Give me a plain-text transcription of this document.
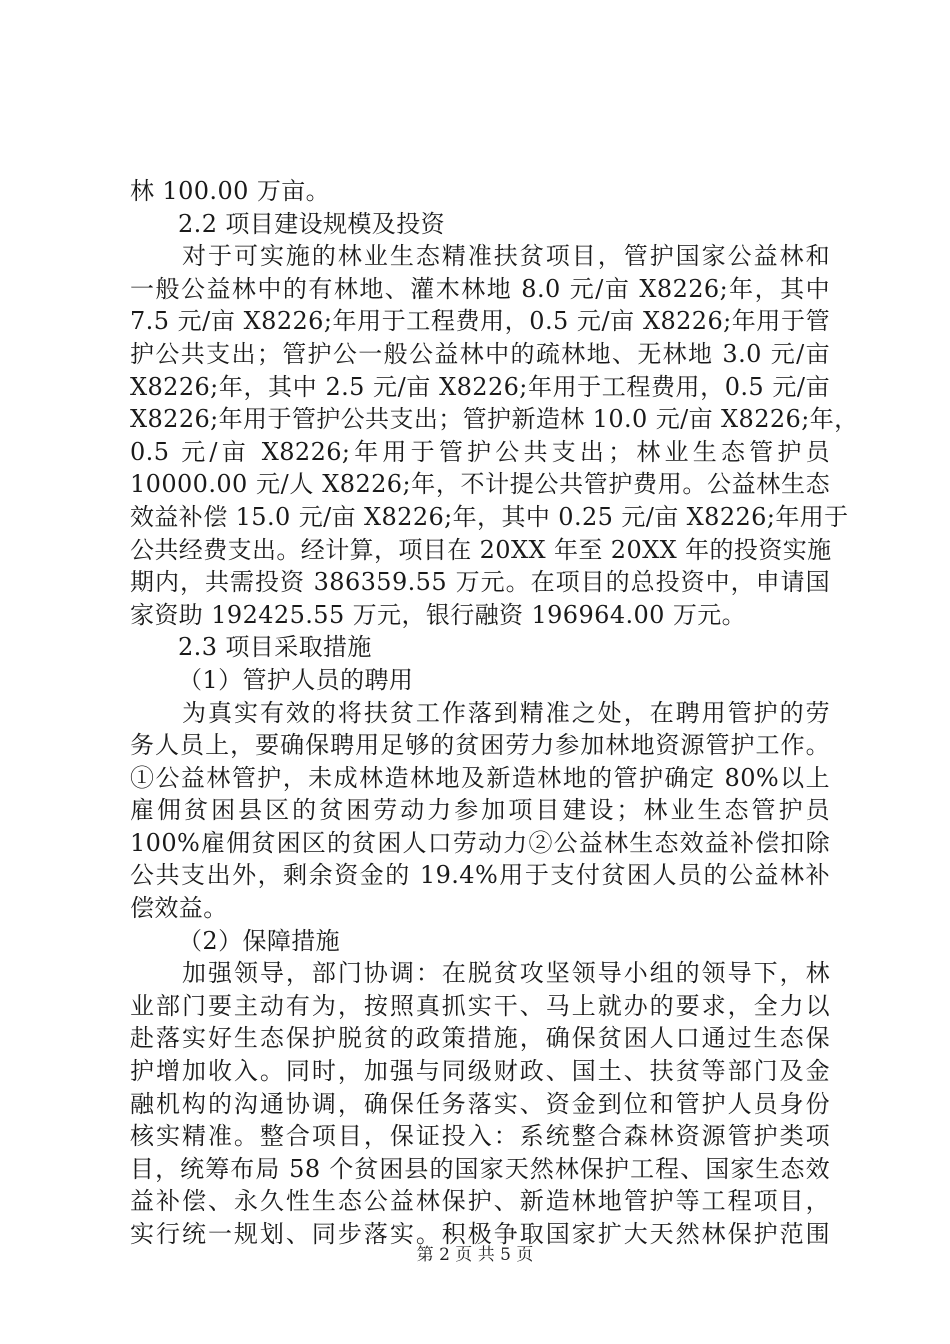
林 100.00 万亩。
2.2 项目建设规模及投资
对于可实施的林业生态精准扶贫项目，管护国家公益林和
一般公益林中的有林地、灌木林地 8.0 元/亩 X8226;年，其中
7.5 元/亩 X8226;年用于工程费用，0.5 元/亩 X8226;年用于管
护公共支出；管护公一般公益林中的疏林地、无林地 3.0 元/亩
X8226;年，其中 2.5 元/亩 X8226;年用于工程费用，0.5 元/亩
X8226;年用于管护公共支出；管护新造林 10.0 元/亩 X8226;年，
0.5 元/亩 X8226;年用于管护公共支出；林业生态管护员
10000.00 元/人 X8226;年，不计提公共管护费用。公益林生态
效益补偿 15.0 元/亩 X8226;年，其中 0.25 元/亩 X8226;年用于
公共经费支出。经计算，项目在 20XX 年至 20XX 年的投资实施
期内，共需投资 386359.55 万元。在项目的总投资中，申请国
家资助 192425.55 万元，银行融资 196964.00 万元。
2.3 项目采取措施
（1）管护人员的聘用
为真实有效的将扶贫工作落到精准之处，在聘用管护的劳
务人员上，要确保聘用足够的贫困劳力参加林地资源管护工作。
①公益林管护，未成林造林地及新造林地的管护确定 80%以上
雇佣贫困县区的贫困劳动力参加项目建设；林业生态管护员
100%雇佣贫困区的贫困人口劳动力②公益林生态效益补偿扣除
公共支出外，剩余资金的 19.4%用于支付贫困人员的公益林补
偿效益。
（2）保障措施
加强领导，部门协调：在脱贫攻坚领导小组的领导下，林
业部门要主动有为，按照真抓实干、马上就办的要求，全力以
赴落实好生态保护脱贫的政策措施，确保贫困人口通过生态保
护增加收入。同时，加强与同级财政、国土、扶贫等部门及金
融机构的沟通协调，确保任务落实、资金到位和管护人员身份
核实精准。整合项目，保证投入：系统整合森林资源管护类项
目，统筹布局 58 个贫困县的国家天然林保护工程、国家生态效
益补偿、永久性生态公益林保护、新造林地管护等工程项目，
实行统一规划、同步落实。积极争取国家扩大天然林保护范围
第 2 页 共 5 页
